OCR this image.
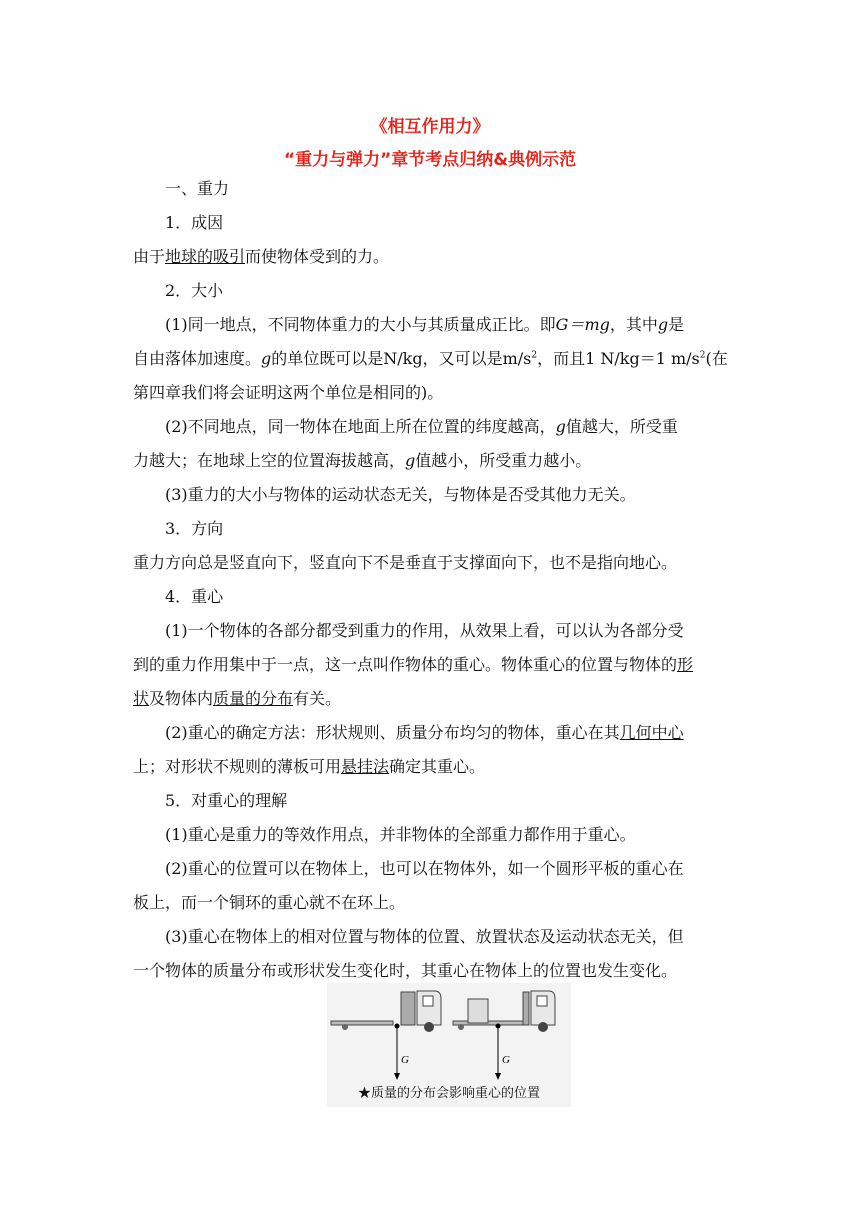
《相互作用力》
“重力与弹力”章节考点归纳&典例示范

一、重力

1．成因

由于地球的吸引而使物体受到的力。

2．大小

(1)同一地点，不同物体重力的大小与其质量成正比。即G＝mg，其中g是

自由落体加速度。g的单位既可以是N/kg，又可以是$m/s^2$，而且1 N/kg＝1 $m/s^2$(在

第四章我们将会证明这两个单位是相同的)。

(2)不同地点，同一物体在地面上所在位置的纬度越高，g值越大，所受重

力越大；在地球上空的位置海拔越高，g值越小，所受重力越小。

(3)重力的大小与物体的运动状态无关，与物体是否受其他力无关。

3．方向

重力方向总是竖直向下，竖直向下不是垂直于支撑面向下，也不是指向地心。

4．重心

(1)一个物体的各部分都受到重力的作用，从效果上看，可以认为各部分受

到的重力作用集中于一点，这一点叫作物体的重心。物体重心的位置与物体的形

状及物体内质量的分布有关。

(2)重心的确定方法：形状规则、质量分布均匀的物体，重心在其几何中心

上；对形状不规则的薄板可用悬挂法确定其重心。

5．对重心的理解

(1)重心是重力的等效作用点，并非物体的全部重力都作用于重心。

(2)重心的位置可以在物体上，也可以在物体外，如一个圆形平板的重心在

板上，而一个铜环的重心就不在环上。

(3)重心在物体上的相对位置与物体的位置、放置状态及运动状态无关，但

一个物体的质量分布或形状发生变化时，其重心在物体上的位置也发生变化。

G	G
★质量的分布会影响重心的位置
